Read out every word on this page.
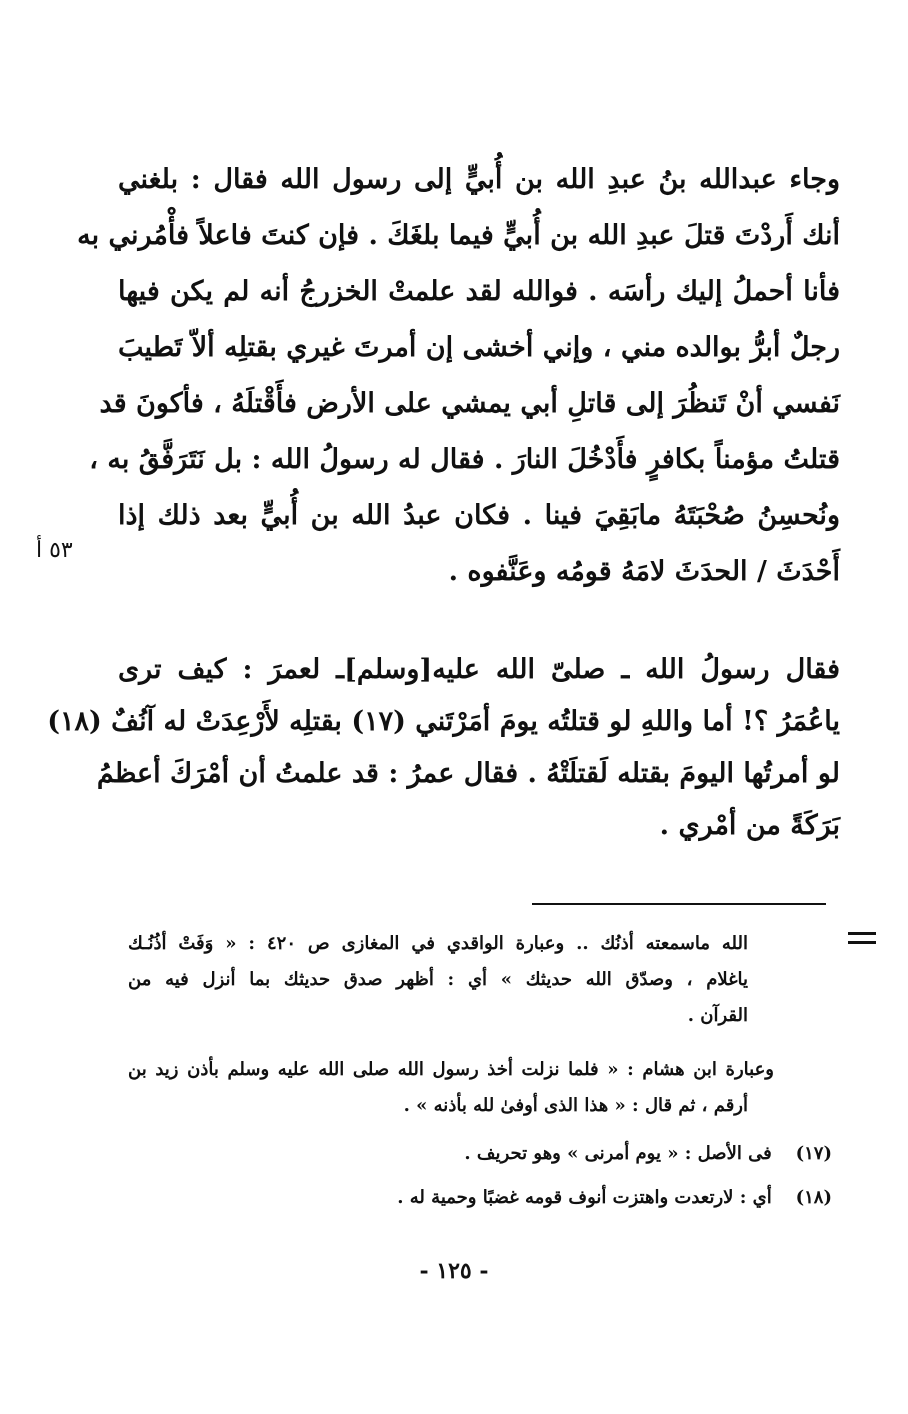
وجاء عبدالله بنُ عبدِ الله بن أُبيٍّ إلى رسول الله فقال : بلغني
أنك أَردْتَ قتلَ عبدِ الله بن أُبيٍّ فيما بلغَكَ . فإن كنتَ فاعلاً فأْمُرني به
فأنا أحملُ إليك رأسَه . فوالله لقد علمتْ الخزرجُ أنه لم يكن فيها
رجلٌ أبرُّ بوالده مني ، وإني أخشى إن أمرتَ غيري بقتلِه ألاّ تَطيبَ
نَفسي أنْ تَنظُرَ إلى قاتلِ أبي يمشي على الأرض فأَقْتلَهُ ، فأكونَ قد
قتلتُ مؤمناً بكافرٍ فأَدْخُلَ النارَ . فقال له رسولُ الله : بل نَتَرَفَّقُ به ،
ونُحسِنُ صُحْبَتَهُ مابَقِيَ فينا . فكان عبدُ الله بن أُبيٍّ بعد ذلك إذا
أَحْدَثَ / الحدَثَ لامَهُ قومُه وعَنَّفوه .
٥٣ أ
فقال رسولُ الله ـ صلىّ الله عليه[وسلم]ـ لعمرَ : كيف ترى
ياعُمَرُ ؟! أما واللهِ لو قتلتُه يومَ أمَرْتَني (١٧) بقتلِه لأَرْعِدَتْ له آنُفٌ (١٨)
لو أمرتُها اليومَ بقتله لَقتلَتْهُ . فقال عمرُ : قد علمتُ أن أمْرَكَ أعظمُ
بَرَكَةً من أمْري .
الله ماسمعته أذنُك .. وعبارة الواقدي في المغازى ص ٤٢٠ : « وَفَتْ أذُنُـك
ياغلام ، وصدّق الله حديثك » أي : أظهر صدق حديثك بما أنزل فيه من
القرآن .
وعبارة ابن هشام : « فلما نزلت أخذ رسول الله صلى الله عليه وسلم بأذن زيد بن
أرقم ، ثم قال : « هذا الذى أوفىٰ لله بأذنه » .
(١٧) فى الأصل : « يوم أمرنى » وهو تحريف .
(١٨) أي : لارتعدت واهتزت أنوف قومه غضبًا وحمية له .
- ١٢٥ -
